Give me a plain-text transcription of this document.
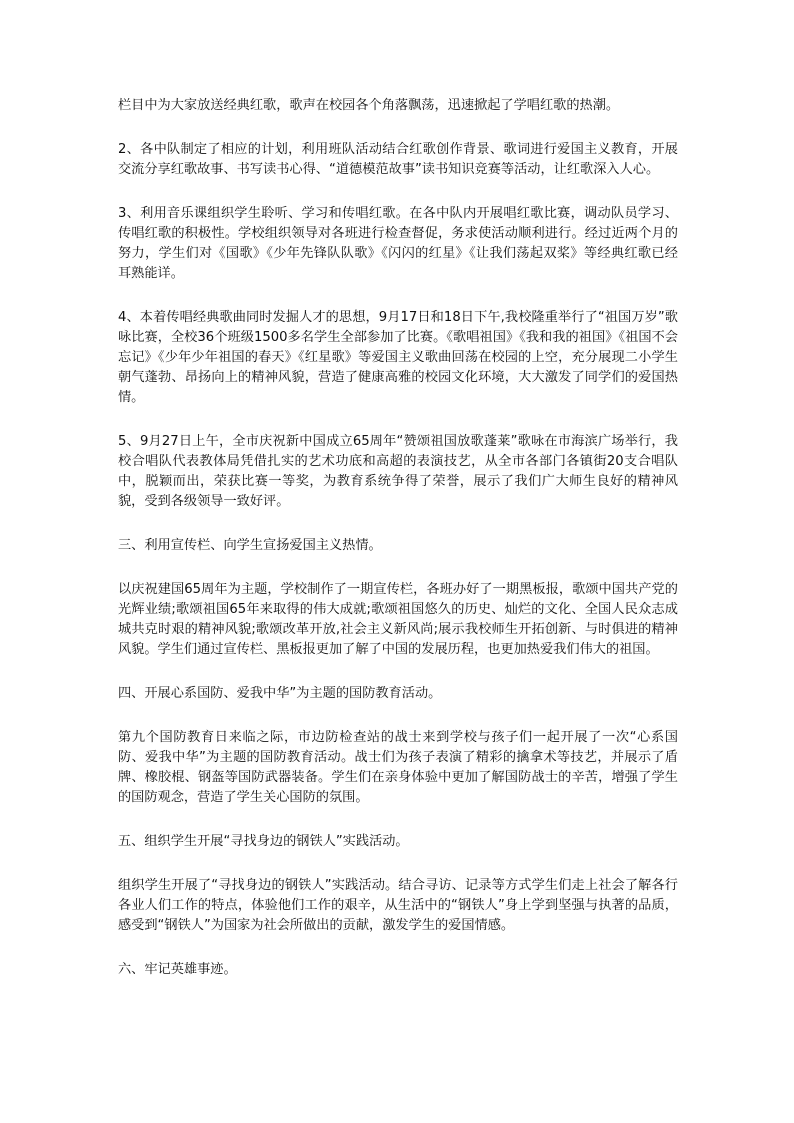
栏目中为大家放送经典红歌，歌声在校园各个角落飘荡，迅速掀起了学唱红歌的热潮。

2、各中队制定了相应的计划，利用班队活动结合红歌创作背景、歌词进行爱国主义教育，开展交流分享红歌故事、书写读书心得、“道德模范故事”读书知识竞赛等活动，让红歌深入人心。

3、利用音乐课组织学生聆听、学习和传唱红歌。在各中队内开展唱红歌比赛，调动队员学习、传唱红歌的积极性。学校组织领导对各班进行检查督促，务求使活动顺利进行。经过近两个月的努力，学生们对《国歌》《少年先锋队队歌》《闪闪的红星》《让我们荡起双桨》等经典红歌已经耳熟能详。

4、本着传唱经典歌曲同时发掘人才的思想，9月17日和18日下午,我校隆重举行了“祖国万岁”歌咏比赛，全校36个班级1500多名学生全部参加了比赛。《歌唱祖国》《我和我的祖国》《祖国不会忘记》《少年少年祖国的春天》《红星歌》等爱国主义歌曲回荡在校园的上空，充分展现二小学生朝气蓬勃、昂扬向上的精神风貌，营造了健康高雅的校园文化环境，大大激发了同学们的爱国热情。

5、9月27日上午，全市庆祝新中国成立65周年“赞颂祖国放歌蓬莱”歌咏在市海滨广场举行，我校合唱队代表教体局凭借扎实的艺术功底和高超的表演技艺，从全市各部门各镇街20支合唱队中，脱颖而出，荣获比赛一等奖，为教育系统争得了荣誉，展示了我们广大师生良好的精神风貌，受到各级领导一致好评。

三、利用宣传栏、向学生宣扬爱国主义热情。

以庆祝建国65周年为主题，学校制作了一期宣传栏，各班办好了一期黑板报，歌颂中国共产党的光辉业绩;歌颂祖国65年来取得的伟大成就;歌颂祖国悠久的历史、灿烂的文化、全国人民众志成城共克时艰的精神风貌;歌颂改革开放,社会主义新风尚;展示我校师生开拓创新、与时俱进的精神风貌。学生们通过宣传栏、黑板报更加了解了中国的发展历程，也更加热爱我们伟大的祖国。

四、开展心系国防、爱我中华”为主题的国防教育活动。

第九个国防教育日来临之际，市边防检查站的战士来到学校与孩子们一起开展了一次“心系国防、爱我中华”为主题的国防教育活动。战士们为孩子表演了精彩的擒拿术等技艺，并展示了盾牌、橡胶棍、钢盔等国防武器装备。学生们在亲身体验中更加了解国防战士的辛苦，增强了学生的国防观念，营造了学生关心国防的氛围。

五、组织学生开展“寻找身边的钢铁人”实践活动。

组织学生开展了“寻找身边的钢铁人”实践活动。结合寻访、记录等方式学生们走上社会了解各行各业人们工作的特点，体验他们工作的艰辛，从生活中的“钢铁人”身上学到坚强与执著的品质，感受到“钢铁人”为国家为社会所做出的贡献，激发学生的爱国情感。

六、牢记英雄事迹。
